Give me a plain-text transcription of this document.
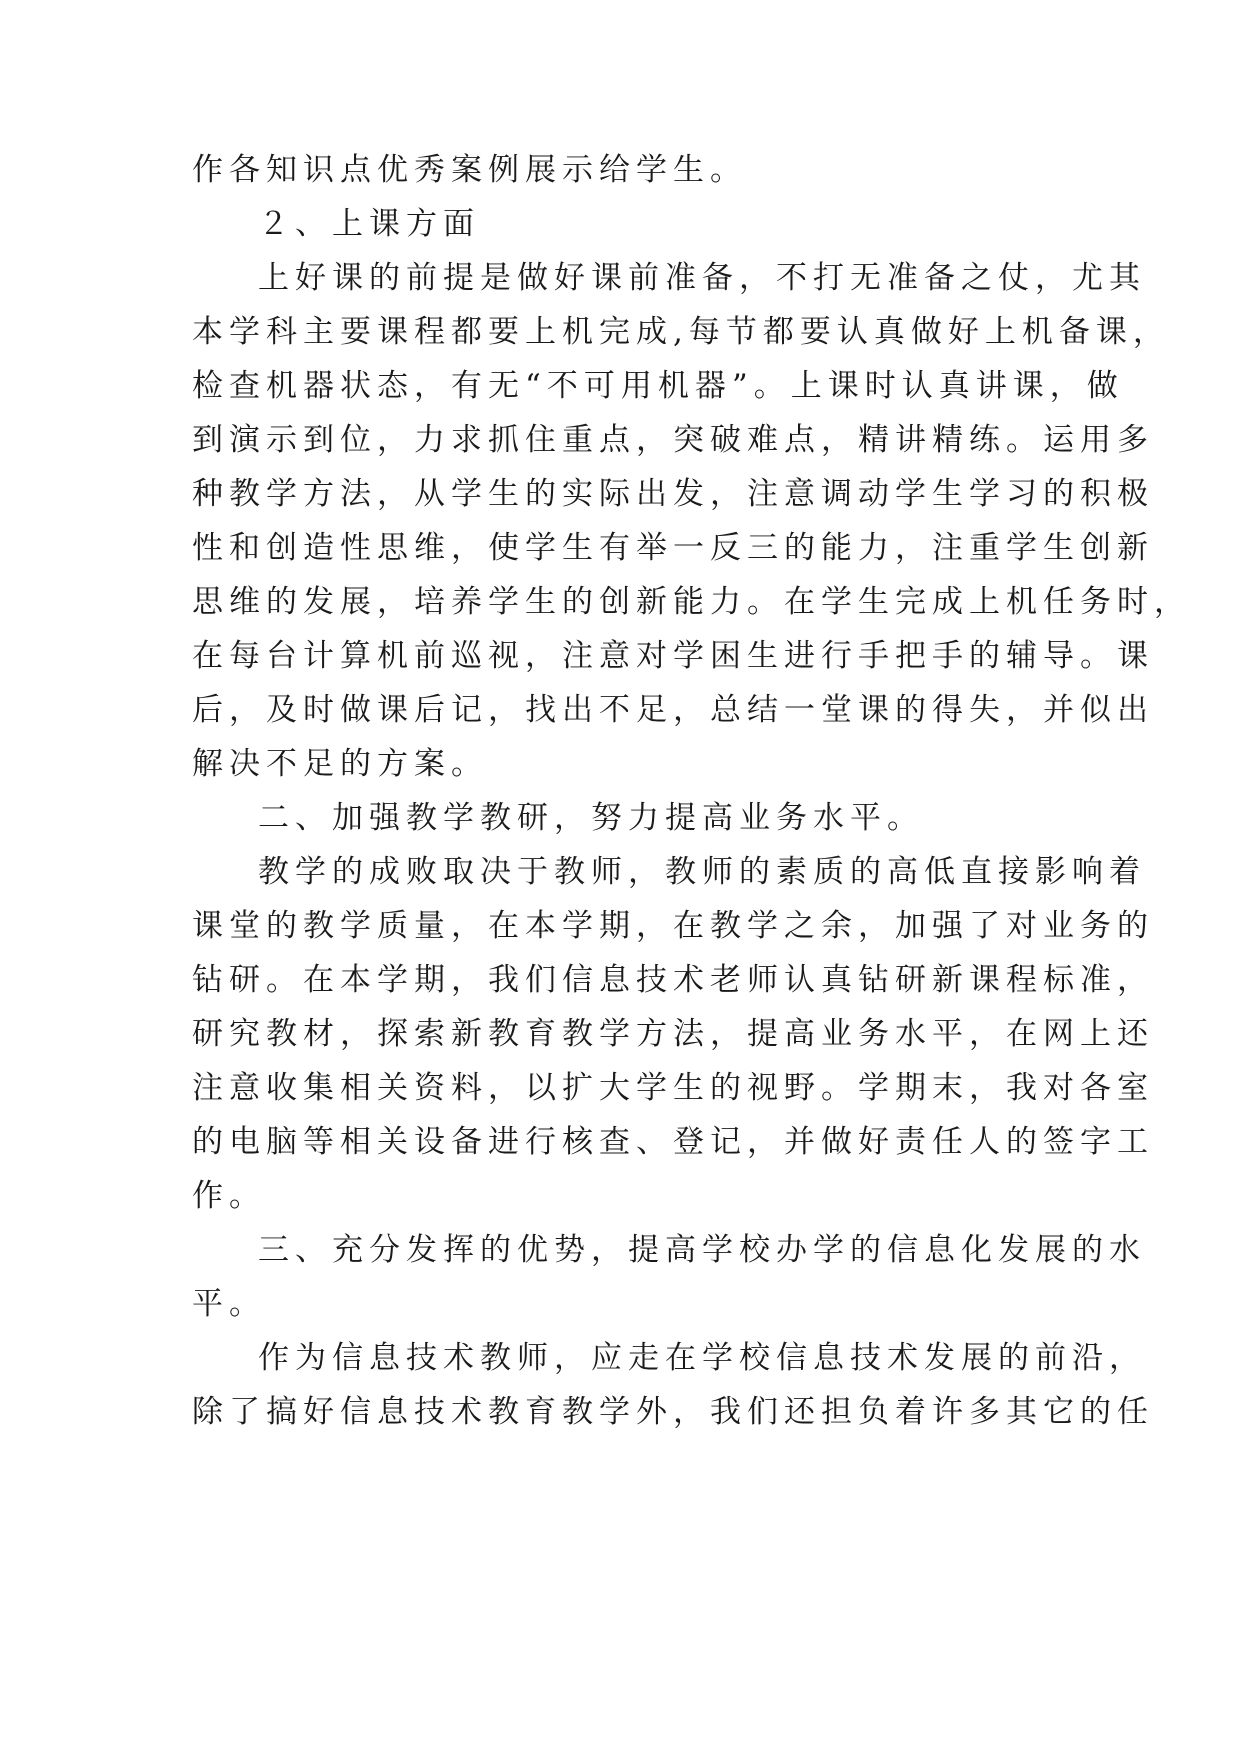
作各知识点优秀案例展示给学生。
２、上课方面
上好课的前提是做好课前准备，不打无准备之仗，尤其
本学科主要课程都要上机完成,每节都要认真做好上机备课，
检查机器状态，有无“不可用机器”。上课时认真讲课，做
到演示到位，力求抓住重点，突破难点，精讲精练。运用多
种教学方法，从学生的实际出发，注意调动学生学习的积极
性和创造性思维，使学生有举一反三的能力，注重学生创新
思维的发展，培养学生的创新能力。在学生完成上机任务时，
在每台计算机前巡视，注意对学困生进行手把手的辅导。课
后，及时做课后记，找出不足，总结一堂课的得失，并似出
解决不足的方案。
二、加强教学教研，努力提高业务水平。
教学的成败取决于教师，教师的素质的高低直接影响着
课堂的教学质量，在本学期，在教学之余，加强了对业务的
钻研。在本学期，我们信息技术老师认真钻研新课程标准，
研究教材，探索新教育教学方法，提高业务水平，在网上还
注意收集相关资料，以扩大学生的视野。学期末，我对各室
的电脑等相关设备进行核查、登记，并做好责任人的签字工
作。
三、充分发挥的优势，提高学校办学的信息化发展的水
平。
作为信息技术教师，应走在学校信息技术发展的前沿，
除了搞好信息技术教育教学外，我们还担负着许多其它的任
